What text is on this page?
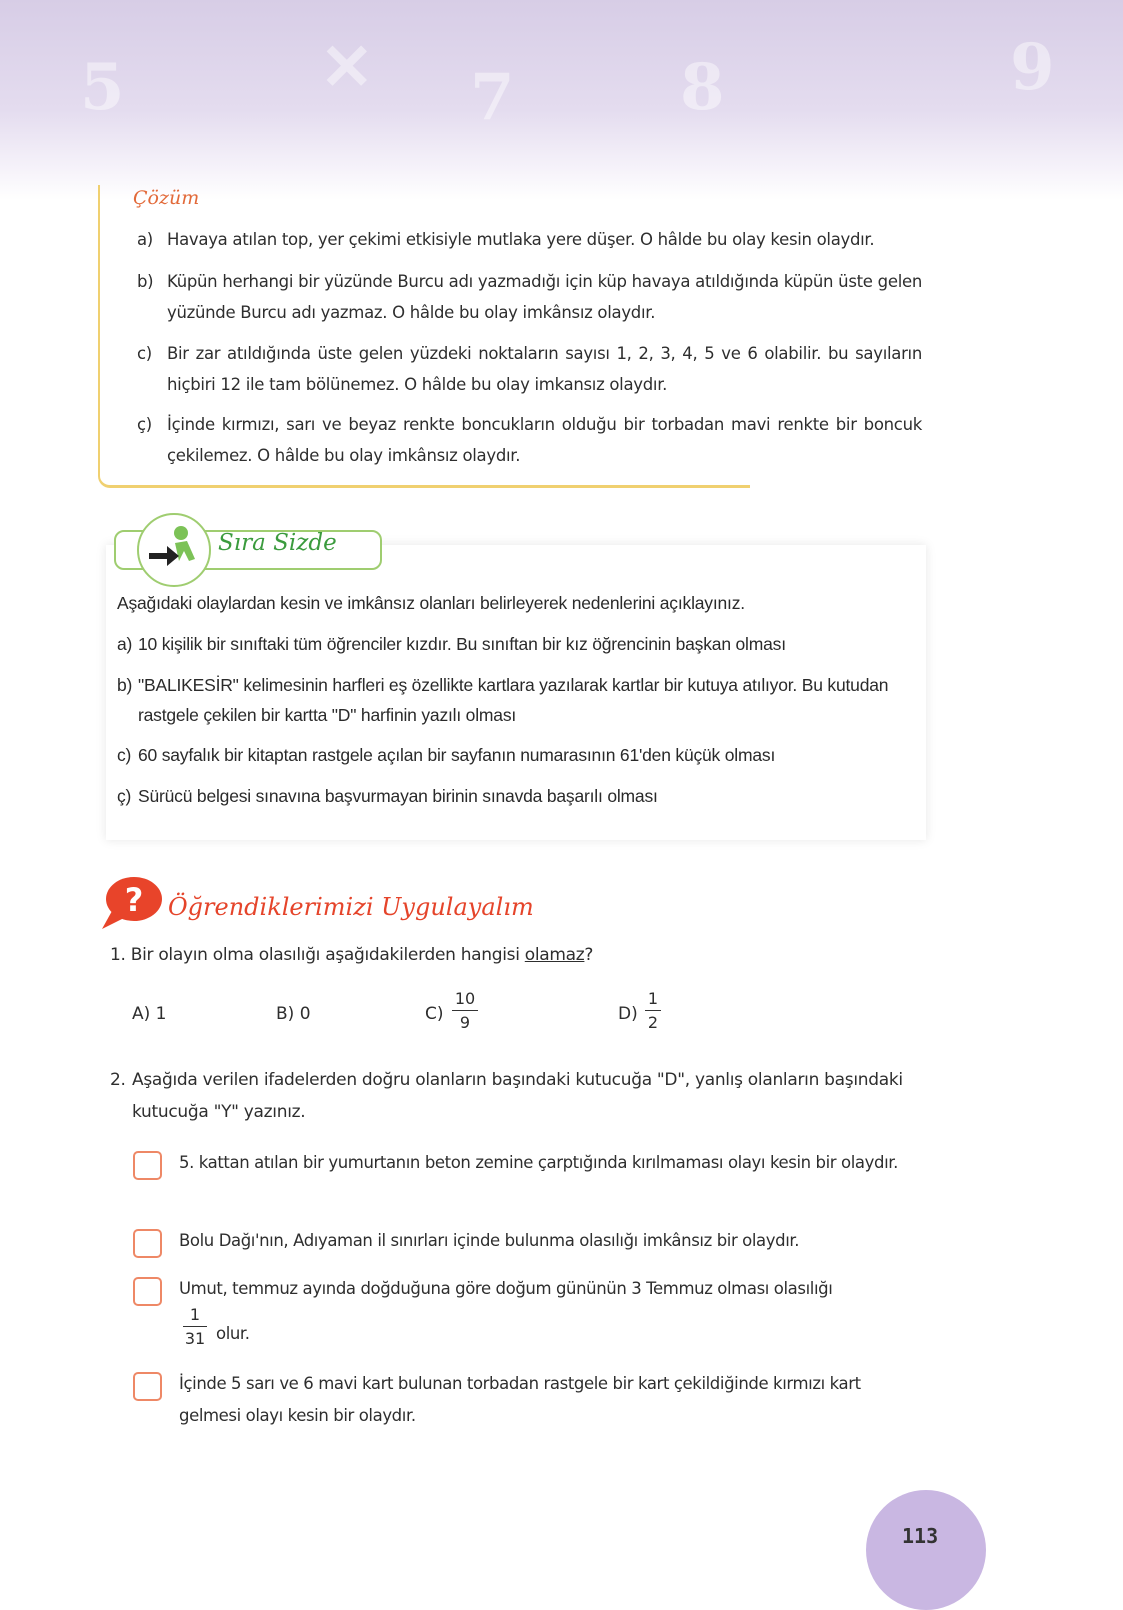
5	✕ 7	8	9
Çözüm
a) Havaya atılan top, yer çekimi etkisiyle mutlaka yere düşer. O hâlde bu olay kesin olaydır.
b) Küpün herhangi bir yüzünde Burcu adı yazmadığı için küp havaya atıldığında küpün üste gelen yüzünde Burcu adı yazmaz. O hâlde bu olay imkânsız olaydır.
c) Bir zar atıldığında üste gelen yüzdeki noktaların sayısı 1, 2, 3, 4, 5 ve 6 olabilir. bu sayıların hiçbiri 12 ile tam bölünemez. O hâlde bu olay imkansız olaydır.
ç) İçinde kırmızı, sarı ve beyaz renkte boncukların olduğu bir torbadan mavi renkte bir boncuk çekilemez. O hâlde bu olay imkânsız olaydır.
Sıra Sizde
Aşağıdaki olaylardan kesin ve imkânsız olanları belirleyerek nedenlerini açıklayınız.
a) 10 kişilik bir sınıftaki tüm öğrenciler kızdır. Bu sınıftan bir kız öğrencinin başkan olması
b) "BALIKESİR" kelimesinin harfleri eş özellikte kartlara yazılarak kartlar bir kutuya atılıyor. Bu kutudan rastgele çekilen bir kartta "D" harfinin yazılı olması
c) 60 sayfalık bir kitaptan rastgele açılan bir sayfanın numarasının 61'den küçük olması
ç) Sürücü belgesi sınavına başvurmayan birinin sınavda başarılı olması
? Öğrendiklerimizi Uygulayalım
1. Bir olayın olma olasılığı aşağıdakilerden hangisi olamaz?
A) 1	B) 0	C)
10
9	D)
1
2
2. Aşağıda verilen ifadelerden doğru olanların başındaki kutucuğa "D", yanlış olanların başındaki kutucuğa "Y" yazınız.
5. kattan atılan bir yumurtanın beton zemine çarptığında kırılmaması olayı kesin bir olaydır.
Bolu Dağı'nın, Adıyaman il sınırları içinde bulunma olasılığı imkânsız bir olaydır.
Umut, temmuz ayında doğduğuna göre doğum gününün 3 Temmuz olması olasılığı
1
31 olur.
İçinde 5 sarı ve 6 mavi kart bulunan torbadan rastgele bir kart çekildiğinde kırmızı kart gelmesi olayı kesin bir olaydır.
113
